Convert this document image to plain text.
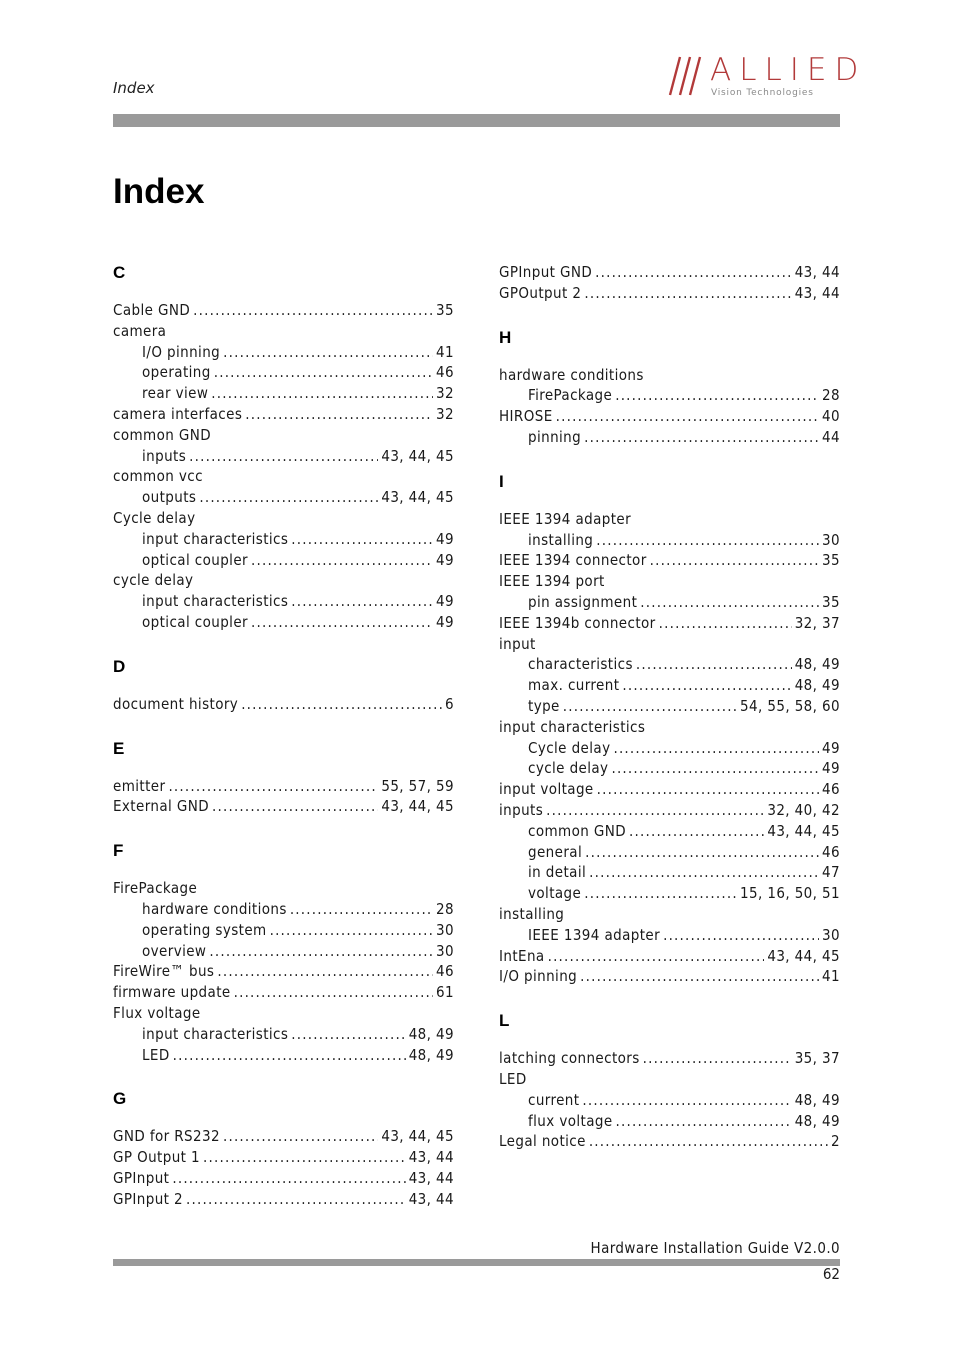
Index	ALLIED
Vision Technologies
Index
C
Cable GND .....	35
camera
I/O pinning .....	41
operating .....	46
rear view .....	32
camera interfaces .....	32
common GND
inputs .....	43, 44, 45
common vcc
outputs .....	43, 44, 45
Cycle delay
input characteristics .....	49
optical coupler .....	49
cycle delay
input characteristics .....	49
optical coupler .....	49
D
document history .....	6
E
emitter .....	55, 57, 59
External GND .....	43, 44, 45
F
FirePackage
hardware conditions .....	28
operating system .....	30
overview .....	30
FireWire™ bus .....	46
firmware update .....	61
Flux voltage
input characteristics .....	48, 49
LED .....	48, 49
G
GND for RS232 .....	43, 44, 45
GP Output 1 .....	43, 44
GPInput .....	43, 44
GPInput 2 .....	43, 44
GPInput GND .....	43, 44
GPOutput 2 .....	43, 44
H
hardware conditions
FirePackage .....	28
HIROSE .....	40
pinning .....	44
I
IEEE 1394 adapter
installing .....	30
IEEE 1394 connector .....	35
IEEE 1394 port
pin assignment .....	35
IEEE 1394b connector .....	32, 37
input
characteristics .....	48, 49
max. current .....	48, 49
type .....	54, 55, 58, 60
input characteristics
Cycle delay .....	49
cycle delay .....	49
input voltage .....	46
inputs .....	32, 40, 42
common GND .....	43, 44, 45
general .....	46
in detail .....	47
voltage .....	15, 16, 50, 51
installing
IEEE 1394 adapter .....	30
IntEna .....	43, 44, 45
I/O pinning .....	41
L
latching connectors .....	35, 37
LED
current .....	48, 49
flux voltage .....	48, 49
Legal notice .....	2
Hardware Installation Guide V2.0.0
62
